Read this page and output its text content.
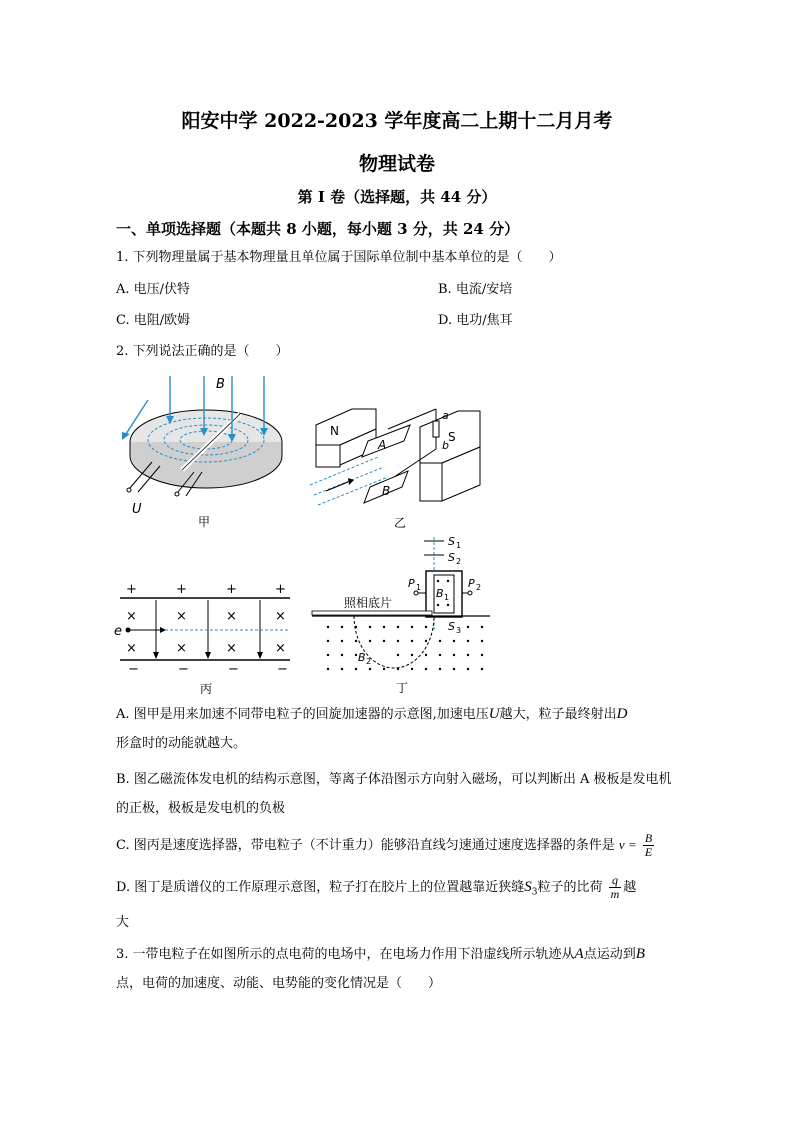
阳安中学 2022-2023 学年度高二上期十二月月考
物理试卷
第 I 卷（选择题，共 44 分）
一、单项选择题（本题共 8 小题，每小题 3 分，共 24 分）
1. 下列物理量属于基本物理量且单位属于国际单位制中基本单位的是（　　）
A. 电压/伏特	B. 电流/安培
C. 电阻/欧姆	D. 电功/焦耳
2. 下列说法正确的是（　　）
B
U
甲
N	S
A
B
a
b
乙
+	+	+	+
×	×	×	×
×	×	×	×
e
−	−	−	−
丙
S 1
S 2
B 1
P 1	P 2
照相底片
S 3
B 2
丁
A. 图甲是用来加速不同带电粒子的回旋加速器的示意图,加速电压U越大，粒子最终射出D
形盒时的动能就越大。
B. 图乙磁流体发电机的结构示意图，等离子体沿图示方向射入磁场，可以判断出 A 极板是发电机的正极，极板是发电机的负极
C. 图丙是速度选择器，带电粒子（不计重力）能够沿直线匀速通过速度选择器的条件是 $v = \frac{B}{E}$
D. 图丁是质谱仪的工作原理示意图，粒子打在胶片上的位置越靠近狭缝$S_3$粒子的比荷 $\frac{q}{m}$ 越
大
3. 一带电粒子在如图所示的点电荷的电场中，在电场力作用下沿虚线所示轨迹从A点运动到B
点，电荷的加速度、动能、电势能的变化情况是（　　）
